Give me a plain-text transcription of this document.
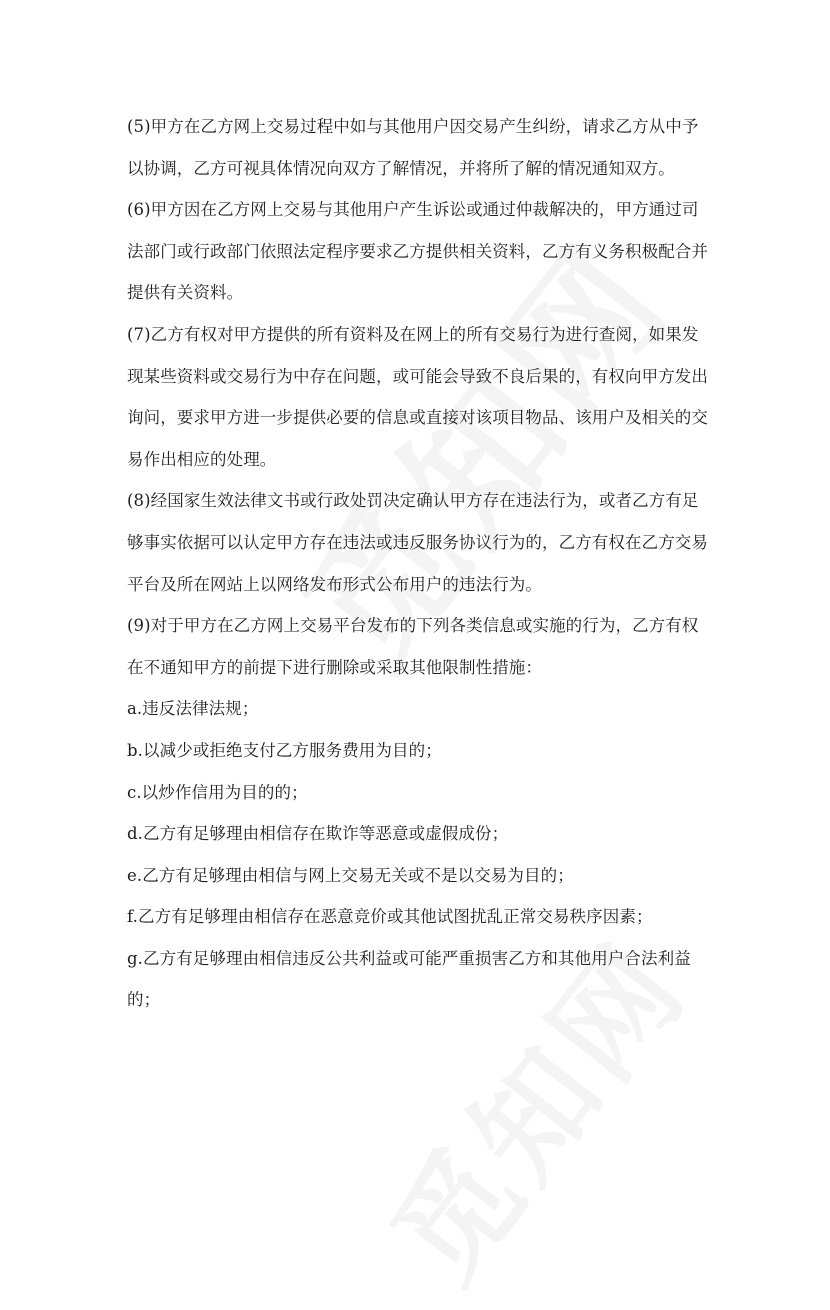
(5)甲方在乙方网上交易过程中如与其他用户因交易产生纠纷，请求乙方从中予
以协调，乙方可视具体情况向双方了解情况，并将所了解的情况通知双方。
(6)甲方因在乙方网上交易与其他用户产生诉讼或通过仲裁解决的，甲方通过司
法部门或行政部门依照法定程序要求乙方提供相关资料，乙方有义务积极配合并
提供有关资料。
(7)乙方有权对甲方提供的所有资料及在网上的所有交易行为进行查阅，如果发
现某些资料或交易行为中存在问题，或可能会导致不良后果的，有权向甲方发出
询问，要求甲方进一步提供必要的信息或直接对该项目物品、该用户及相关的交
易作出相应的处理。
(8)经国家生效法律文书或行政处罚决定确认甲方存在违法行为，或者乙方有足
够事实依据可以认定甲方存在违法或违反服务协议行为的，乙方有权在乙方交易
平台及所在网站上以网络发布形式公布用户的违法行为。
(9)对于甲方在乙方网上交易平台发布的下列各类信息或实施的行为，乙方有权
在不通知甲方的前提下进行删除或采取其他限制性措施：
a.违反法律法规；
b.以减少或拒绝支付乙方服务费用为目的；
c.以炒作信用为目的的；
d.乙方有足够理由相信存在欺诈等恶意或虚假成份；
e.乙方有足够理由相信与网上交易无关或不是以交易为目的；
f.乙方有足够理由相信存在恶意竞价或其他试图扰乱正常交易秩序因素；
g.乙方有足够理由相信违反公共利益或可能严重损害乙方和其他用户合法利益
的；
